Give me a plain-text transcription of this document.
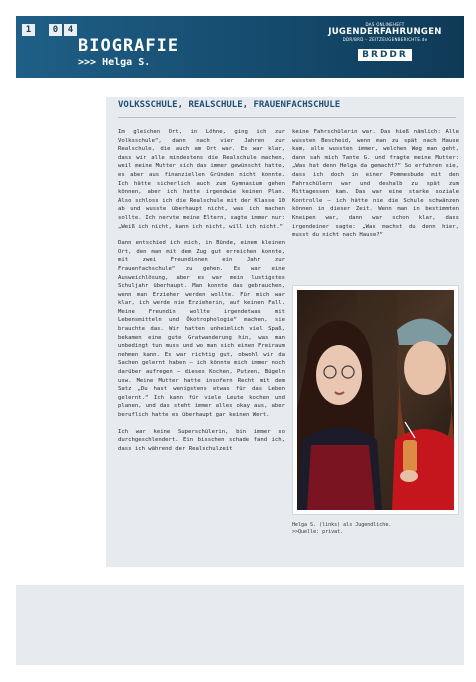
1	0	4
BIOGRAFIE
>>> Helga S.
DAS ONLINEHEFT
JUGENDERFAHRUNGEN
DDR/BRD – ZEITZEUGENBERICHTE.de
BRDDR
VOLKSSCHULE, REALSCHULE, FRAUENFACHSCHULE

Im gleichen Ort, in Löhne, ging ich zur Volksschule“, dann nach vier Jahren zur Realschule, die auch am Ort war. Es war klar, dass wir alle mindestens die Realschule machen, weil meine Mutter sich das immer gewünscht hatte, es aber aus finanziellen Gründen nicht konnte. Ich hätte sicherlich auch zum Gymnasium gehen können, aber ich hatte irgendwie keinen Plan. Also schloss ich die Realschule mit der Klasse 10 ab und wusste überhaupt nicht, was ich machen sollte. Ich nervte meine Eltern, sagte immer nur: „Weiß ich nicht, kann ich nicht, will ich nicht.“

Dann entschied ich mich, in Bünde, einem kleinen Ort, den man mit dem Zug gut erreichen konnte, mit zwei Freundinnen ein Jahr zur Frauenfachschule“ zu gehen. Es war eine Ausweichlösung, aber es war mein lustigstes Schuljahr überhaupt. Man konnte das gebrauchen, wenn man Erzieher werden wollte. Für mich war klar, ich werde nie Erzieherin, auf keinen Fall. Meine Freundin wollte irgendetwas mit Lebensmitteln und Ökotrophologie“ machen, sie brauchte das. Wir hatten unheimlich viel Spaß, bekamen eine gute Gratwanderung hin, was man unbedingt tun muss und wo man sich einen Freiraum nehmen kann. Es war richtig gut, obwohl wir da Sachen gelernt haben – ich könnte mich immer noch darüber aufregen – dieses Kochen, Putzen, Bügeln usw. Meine Mutter hatte insofern Recht mit dem Satz „Du hast wenigstens etwas für das Leben gelernt.“ Ich kann für viele Leute kochen und planen, und das steht immer alles okay aus, aber beruflich hatte es überhaupt gar keinen Wert.

Ich war keine Superschülerin, bin immer so durchgeschlendert. Ein bisschen schade fand ich, dass ich während der Realschulzeit

keine Fahrschülerin war. Das hieß nämlich: Alle wussten Bescheid, wenn man zu spät nach Hause kam, alle wussten immer, welchen Weg man geht, dann sah mich Tante G. und fragte meine Mutter: „Was hat denn Helga da gemacht?“ So erfuhren sie, dass ich doch in einer Pommesbude mit den Fahrschülern war und deshalb zu spät zum Mittagessen kam. Das war eine starke soziale Kontrolle – ich hätte nie die Schule schwänzen können in dieser Zeit. Wenn man in bestimmten Kneipen war, dann war schon klar, dass irgendeiner sagte: „Was machst du denn hier, musst du nicht nach Hause?“

Helga S. (links) als Jugendliche.
>>Quelle: privat.
